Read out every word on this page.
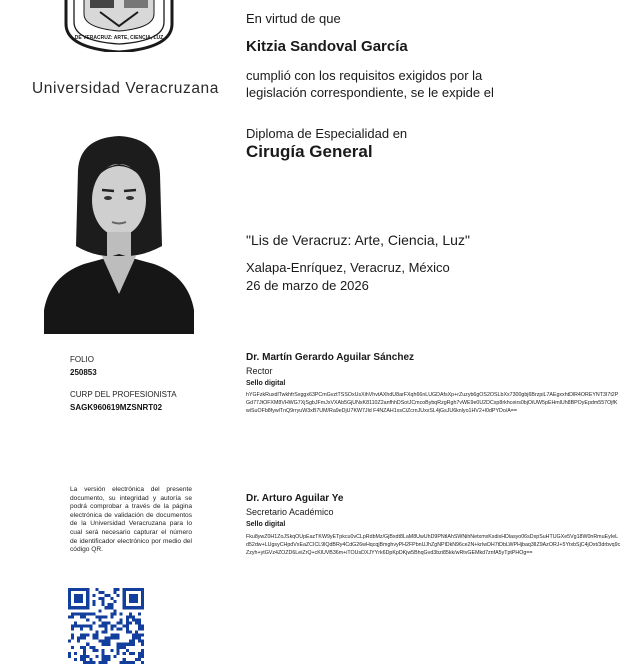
DE VERACRUZ: ARTE, CIENCIA, LUZ
Universidad Veracruzana
En virtud de que
Kitzia Sandoval García
cumplió con los requisitos exigidos por la legislación correspondiente, se le expide el
Diploma de Especialidad en
Cirugía General
"Lis de Veracruz: Arte, Ciencia, Luz"
Xalapa-Enríquez, Veracruz, México
26 de marzo de 2026
FOLIO
250853
CURP DEL PROFESIONISTA
SAGK960619MZSNRT02
Dr. Martín Gerardo Aguilar Sánchez
Rector
Sello digital
hYGFzkRuxdlTwkhfrSxggx63PCmGvztTSSOxUsXihVhvtAXhdU8arFXqh66nLUGDAfsXp+rZuzyb6gOS2OSLbXx7300gbj6BrzpiL7AEgxxhtDlR4OREYNT3I7t2PGd77JtOFXM8VHWG7XjSgbJFmJxVXAb5GjUNxK8110Z2anfhhDSotJCmcoBybqRzgRgh7vWE9e0U2DCxp8rkhceirs0bjOiUW5pEHmlUh8BPOyEpdm557OjfKwiSuOFb8fywlTnQ9rryuW3xB7UM/Ra9eDjU7KW7Jld F4NZAH1xsCiZcrnJUxxSL4jGsJU6knlyo1HV2+l0dPYDo/A==
Dr. Arturo Aguilar Ye
Secretario Académico
Sello digital
Fku8ywZ0H1ZoJSkqOUpEazTKW9yETpkcu0vCLpRdbMz/GjBxdt8LaM8UwUhD9PNtlAhSWNihNetxmxKsdixHDlasyo06sDxpSuHTUGXe5Vg18W0nRmuEyIeLd52dw+LUgsyCHpdVxEaZCICL9lQdBRy4CdG26wHqcqjBmghvyPH2FPbnUJhZgNPlDkN96ce2N+krIwDH7tDbLWPHjbaq3lIZ9AzORJ+5YtxbSjC4jOxt/3drbvq9cZzyh+ytGVz4ZOZD6LeiZrQ+cKlUVB36m+iTOUsDXJYYrk6DpKpDKjw5BhqGvd3bzi85kk/wRtvGEMkd7znfA5yTptPHOg==
La versión electrónica del presente documento, su integridad y autoría se podrá comprobar a través de la página electrónica de validación de documentos de la Universidad Veracruzana para lo cual será necesario capturar el número de identificador electrónico por medio del código QR.
